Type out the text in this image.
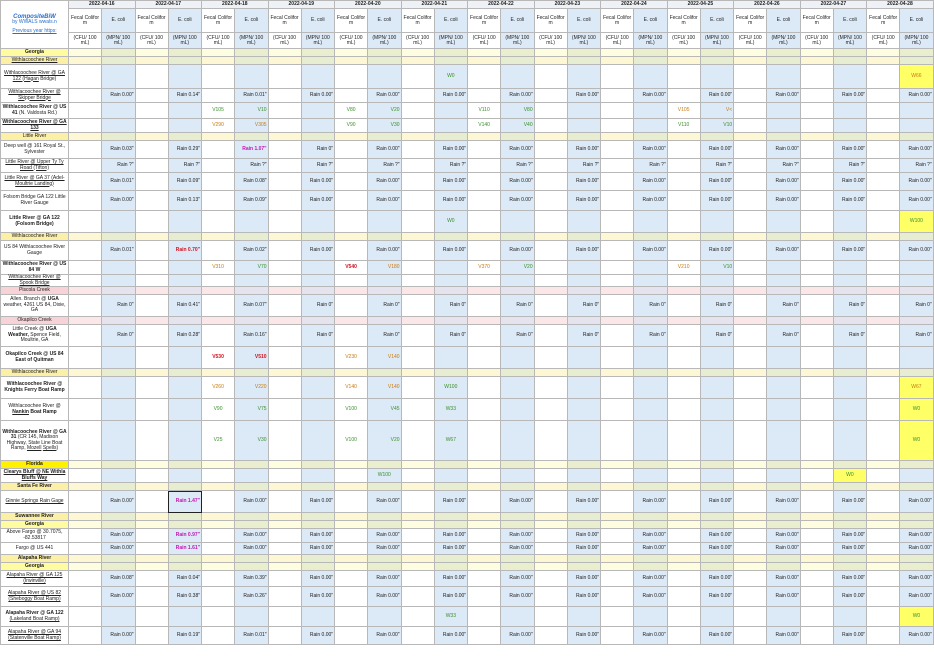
CompositeBiW
by WWALS wwals.n
Previous year https:	2022-04-16		2022-04-17		2022-04-18		2022-04-19		2022-04-20		2022-04-21		2022-04-22		2022-04-23		2022-04-24		2022-04-25		2022-04-26		2022-04-27		2022-04-28	
	Fecal Colifor m	E. coli	Fecal Colifor m	E. coli	Fecal Colifor m	E. coli	Fecal Colifor m	E. coli	Fecal Colifor m	E. coli	Fecal Colifor m	E. coli	Fecal Colifor m	E. coli	Fecal Colifor m	E. coli	Fecal Colifor m	E. coli	Fecal Colifor m	E. coli	Fecal Colifor m	E. coli	Fecal Colifor m	E. coli	Fecal Colifor m	E. coli
	(CFU/ 100 mL)	(MPN/ 100 mL)	(CFU/ 100 mL)	(MPN/ 100 mL)	(CFU/ 100 mL)	(MPN/ 100 mL)	(CFU/ 100 mL)	(MPN/ 100 mL)	(CFU/ 100 mL)	(MPN/ 100 mL)	(CFU/ 100 mL)	(MPN/ 100 mL)	(CFU/ 100 mL)	(MPN/ 100 mL)	(CFU/ 100 mL)	(MPN/ 100 mL)	(CFU/ 100 mL)	(MPN/ 100 mL)	(CFU/ 100 mL)	(MPN/ 100 mL)	(CFU/ 100 mL)	(MPN/ 100 mL)	(CFU/ 100 mL)	(MPN/ 100 mL)	(CFU/ 100 mL)	(MPN/ 100 mL)
Georgia																										
Withlacoochee River																										
Withlacoochee River @ GA 122 (Hagan Bridge)												W0														W66
Withlacoochee River @ Skipper Bridge		Rain 0.00"		Rain 0.14"		Rain 0.01"		Rain 0.00"		Rain 0.00"		Rain 0.00"		Rain 0.00"		Rain 0.00"		Rain 0.00"		Rain 0.00"		Rain 0.00"		Rain 0.00"		Rain 0.00"
Withlacoochee River @ US 41 (N. Valdosta Rd.)					V105	V10			V80	V20			V110	V80					V105	V<						
Withlacoochee River @ GA 133					V290	V305			V90	V30			V140	V40					V110	V10						
Little River																										
Deep well @ 161 Royal St., Sylvester		Rain 0.03"		Rain 0.29"		Rain 1.07"		Rain 0"		Rain 0.00"		Rain 0.00"		Rain 0.00"		Rain 0.00"		Rain 0.00"		Rain 0.00"		Rain 0.00"		Rain 0.00"		Rain 0.00"
Little River @ Upper Ty Ty Road (Tifton)		Rain ?"		Rain ?"		Rain ?"		Rain ?"		Rain ?"		Rain ?"		Rain ?"		Rain ?"		Rain ?"		Rain ?"		Rain ?"		Rain ?"		Rain ?"
Little River @ GA 37 (Adel-Moultrie Landing)		Rain 0.01"		Rain 0.09"		Rain 0.08"		Rain 0.00"		Rain 0.00"		Rain 0.00"		Rain 0.00"		Rain 0.00"		Rain 0.00"		Rain 0.00"		Rain 0.00"		Rain 0.00"		Rain 0.00"
Folsom Bridge GA 122 Little River Gauge		Rain 0.00"		Rain 0.13"		Rain 0.09"		Rain 0.00"		Rain 0.00"		Rain 0.00"		Rain 0.00"		Rain 0.00"		Rain 0.00"		Rain 0.00"		Rain 0.00"		Rain 0.00"		Rain 0.00"
Little River @ GA 122 (Folsom Bridge)												W0														W100
Withlacoochee River																										
US 84 Withlacoochee River Gauge		Rain 0.01"		Rain 0.70"		Rain 0.02"		Rain 0.00"		Rain 0.00"		Rain 0.00"		Rain 0.00"		Rain 0.00"		Rain 0.00"		Rain 0.00"		Rain 0.00"		Rain 0.00"		Rain 0.00"
Withlacoochee River @ US 84 W					V310	V70			V540	V180			V370	V20					V210	V10						
Withlacoochee River @ Spook Bridge																										
Piscola Creek																										
Allen. Branch @ UGA weather, 4261 US 84, Dixie, GA		Rain 0"		Rain 0.41"		Rain 0.07"		Rain 0"		Rain 0"		Rain 0"		Rain 0"		Rain 0"		Rain 0"		Rain 0"		Rain 0"		Rain 0"		Rain 0"
Okapilco Creek																										
Little Creek @ UGA Weather, Spence Field, Moultrie, GA		Rain 0"		Rain 0.28"		Rain 0.16"		Rain 0"		Rain 0"		Rain 0"		Rain 0"		Rain 0"		Rain 0"		Rain 0"		Rain 0"		Rain 0"		Rain 0"
Okapilco Creek @ US 84 East of Quitman					V530	V510			V230	V140																
Withlacoochee River																										
Withlacoochee River @ Knights Ferry Boat Ramp					V260	V220			V140	V140		W100														W67
Withlacoochee River @ Nankin Boat Ramp					V90	V75			V100	V45		W33														W0
Withlacoochee River @ GA 31 (CR 145, Madison Highway, State Line Boat Ramp, Mozell Spells)					V25	V30			V100	V20		W67														W0
Florida																										
Clearys Bluff @ NE Withla Bluffs Way										W100														W0		
Santa Fe River																										
Ginnie Springs Rain Gage		Rain 0.00"		Rain 1.47"		Rain 0.00"		Rain 0.00"		Rain 0.00"		Rain 0.00"		Rain 0.00"		Rain 0.00"		Rain 0.00"		Rain 0.00"		Rain 0.00"		Rain 0.00"		Rain 0.00"
Suwannee River																										
Georgia																										
Above Fargo @ 30.7075, -82.53817		Rain 0.00"		Rain 0.97"		Rain 0.00"		Rain 0.00"		Rain 0.00"		Rain 0.00"		Rain 0.00"		Rain 0.00"		Rain 0.00"		Rain 0.00"		Rain 0.00"		Rain 0.00"		Rain 0.00"
Fargo @ US 441		Rain 0.00"		Rain 1.61"		Rain 0.00"		Rain 0.00"		Rain 0.00"		Rain 0.00"		Rain 0.00"		Rain 0.00"		Rain 0.00"		Rain 0.00"		Rain 0.00"		Rain 0.00"		Rain 0.00"
Alapaha River																										
Georgia																										
Alapaha River @ GA 125 (Irwinville)		Rain 0.08"		Rain 0.04"		Rain 0.39"		Rain 0.00"		Rain 0.00"		Rain 0.00"		Rain 0.00"		Rain 0.00"		Rain 0.00"		Rain 0.00"		Rain 0.00"		Rain 0.00"		Rain 0.00"
Alapaha River @ US 82 (Sheboggy Boat Ramp)		Rain 0.00"		Rain 0.38"		Rain 0.26"		Rain 0.00"		Rain 0.00"		Rain 0.00"		Rain 0.00"		Rain 0.00"		Rain 0.00"		Rain 0.00"		Rain 0.00"		Rain 0.00"		Rain 0.00"
Alapaha River @ GA 122 (Lakeland Boat Ramp)												W33														W0
Alapaha River @ GA 94 (Statenville Boat Ramp)		Rain 0.00"		Rain 0.19"		Rain 0.01"		Rain 0.00"		Rain 0.00"		Rain 0.00"		Rain 0.00"		Rain 0.00"		Rain 0.00"		Rain 0.00"		Rain 0.00"		Rain 0.00"		Rain 0.00"
